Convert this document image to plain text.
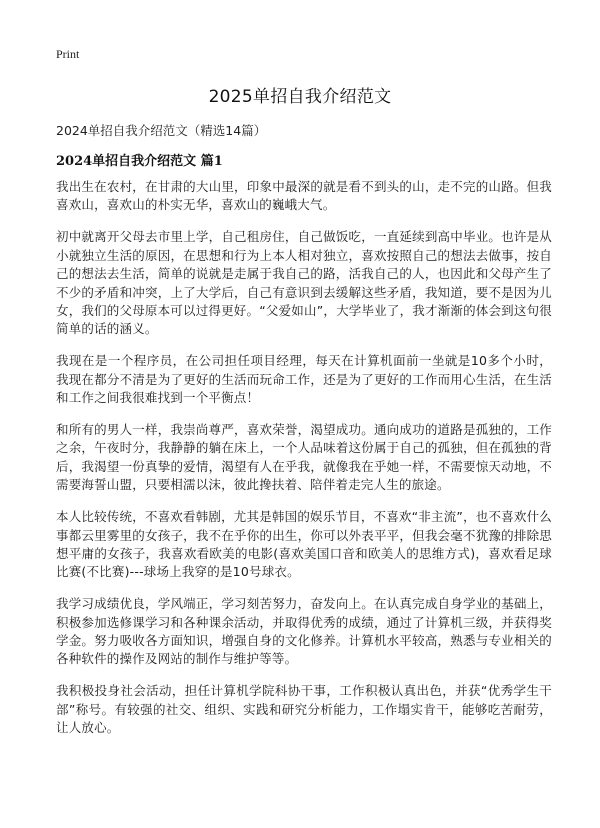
Print
2025单招自我介绍范文

2024单招自我介绍范文（精选14篇）

2024单招自我介绍范文 篇1

我出生在农村，在甘肃的大山里，印象中最深的就是看不到头的山，走不完的山路。但我喜欢山，喜欢山的朴实无华，喜欢山的巍峨大气。

初中就离开父母去市里上学，自己租房住，自己做饭吃，一直延续到高中毕业。也许是从小就独立生活的原因，在思想和行为上本人相对独立，喜欢按照自己的想法去做事，按自己的想法去生活，简单的说就是走属于我自己的路，活我自己的人，也因此和父母产生了不少的矛盾和冲突，上了大学后，自己有意识到去缓解这些矛盾，我知道，要不是因为儿女，我们的父母原本可以过得更好。“父爱如山”，大学毕业了，我才渐渐的体会到这句很简单的话的涵义。

我现在是一个程序员，在公司担任项目经理，每天在计算机面前一坐就是10多个小时，我现在都分不清是为了更好的生活而玩命工作，还是为了更好的工作而用心生活，在生活和工作之间我很难找到一个平衡点！

和所有的男人一样，我崇尚尊严，喜欢荣誉，渴望成功。通向成功的道路是孤独的，工作之余，午夜时分，我静静的躺在床上，一个人品味着这份属于自己的孤独，但在孤独的背后，我渴望一份真挚的爱情，渴望有人在乎我，就像我在乎她一样，不需要惊天动地，不需要海誓山盟，只要相濡以沫，彼此搀扶着、陪伴着走完人生的旅途。

本人比较传统，不喜欢看韩剧，尤其是韩国的娱乐节目，不喜欢“非主流”，也不喜欢什么事都云里雾里的女孩子，我不在乎你的出生，你可以外表平平，但我会毫不犹豫的排除思想平庸的女孩子，我喜欢看欧美的电影(喜欢美国口音和欧美人的思维方式)，喜欢看足球比赛(不比赛)---球场上我穿的是10号球衣。

我学习成绩优良，学风端正，学习刻苦努力，奋发向上。在认真完成自身学业的基础上，积极参加选修课学习和各种课余活动，并取得优秀的成绩，通过了计算机三级，并获得奖学金。努力吸收各方面知识，增强自身的文化修养。计算机水平较高，熟悉与专业相关的各种软件的操作及网站的制作与维护等等。

我积极投身社会活动，担任计算机学院科协干事，工作积极认真出色，并获“优秀学生干部”称号。有较强的社交、组织、实践和研究分析能力，工作塌实肯干，能够吃苦耐劳，让人放心。
